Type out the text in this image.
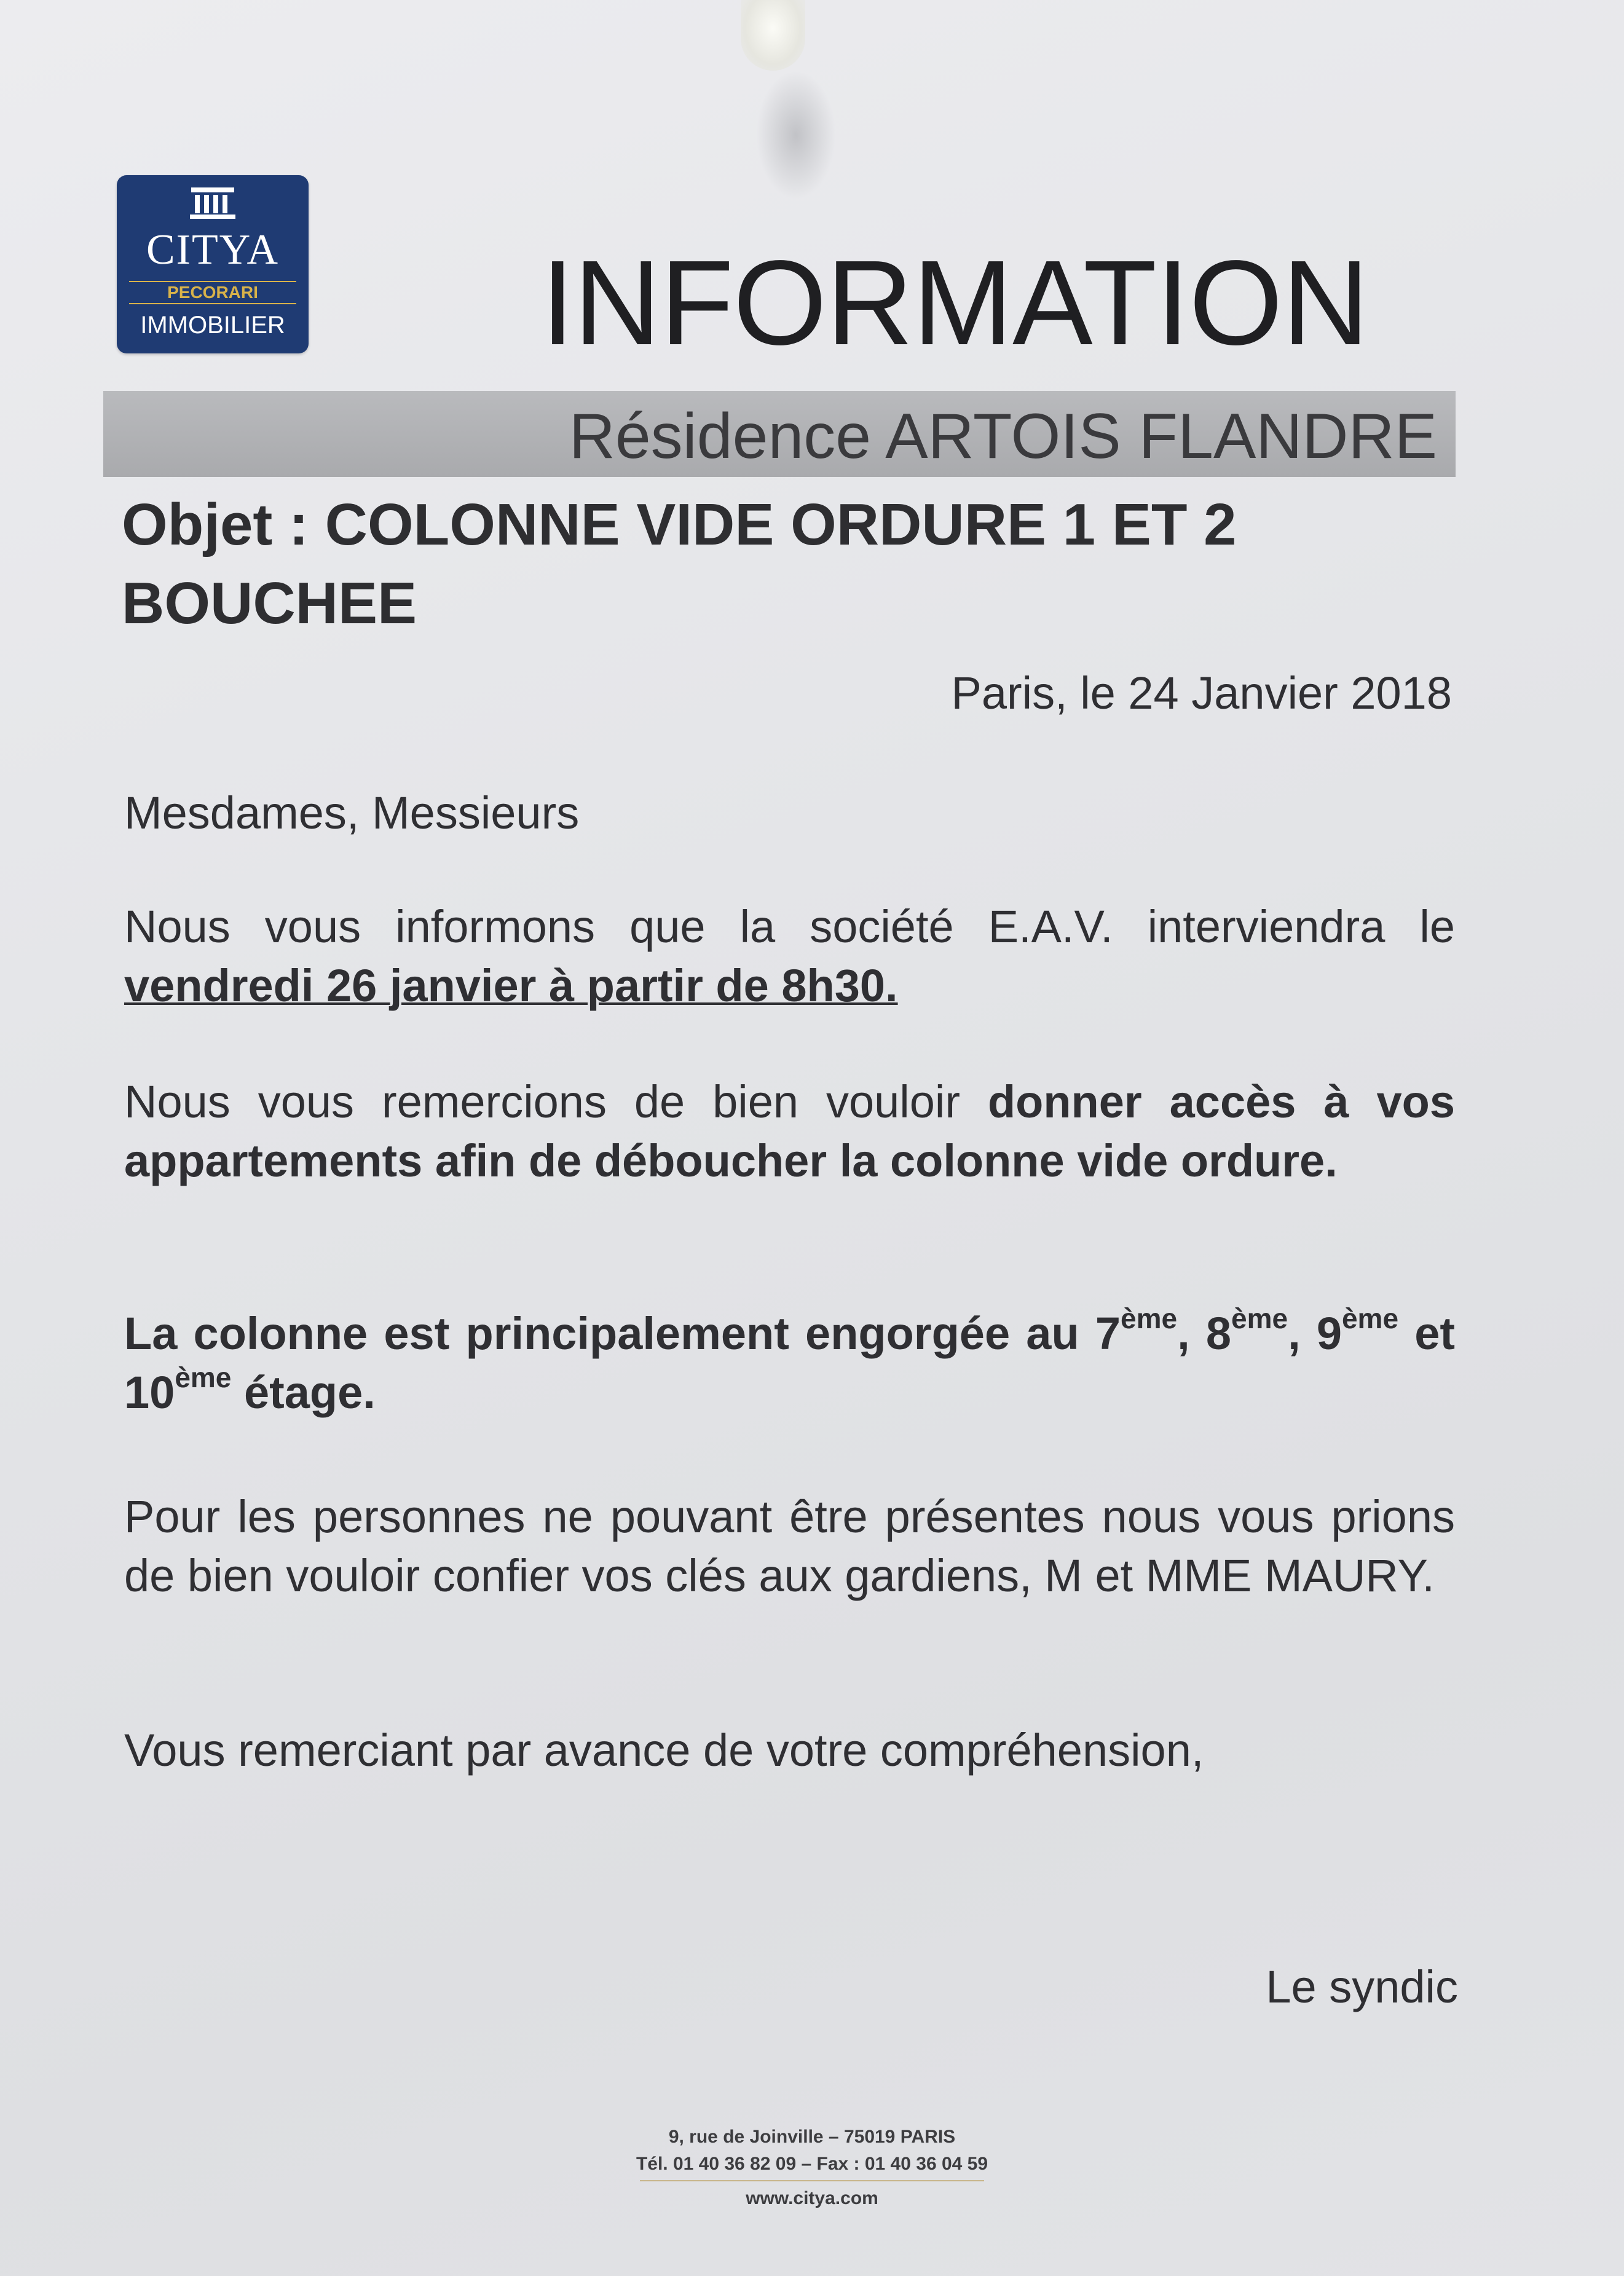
CITYA
PECORARI
IMMOBILIER INFORMATION
Résidence ARTOIS FLANDRE
Objet : COLONNE VIDE ORDURE 1 ET 2 BOUCHEE
Paris, le 24 Janvier 2018
Mesdames, Messieurs
Nous vous informons que la société E.A.V. interviendra le vendredi 26 janvier à partir de 8h30.
Nous vous remercions de bien vouloir donner accès à vos appartements afin de déboucher la colonne vide ordure.
La colonne est principalement engorgée au 7ème, 8ème, 9ème et 10ème étage.
Pour les personnes ne pouvant être présentes nous vous prions de bien vouloir confier vos clés aux gardiens, M et MME MAURY.
Vous remerciant par avance de votre compréhension,
Le syndic
9, rue de Joinville – 75019 PARIS
Tél. 01 40 36 82 09 – Fax : 01 40 36 04 59
www.citya.com
